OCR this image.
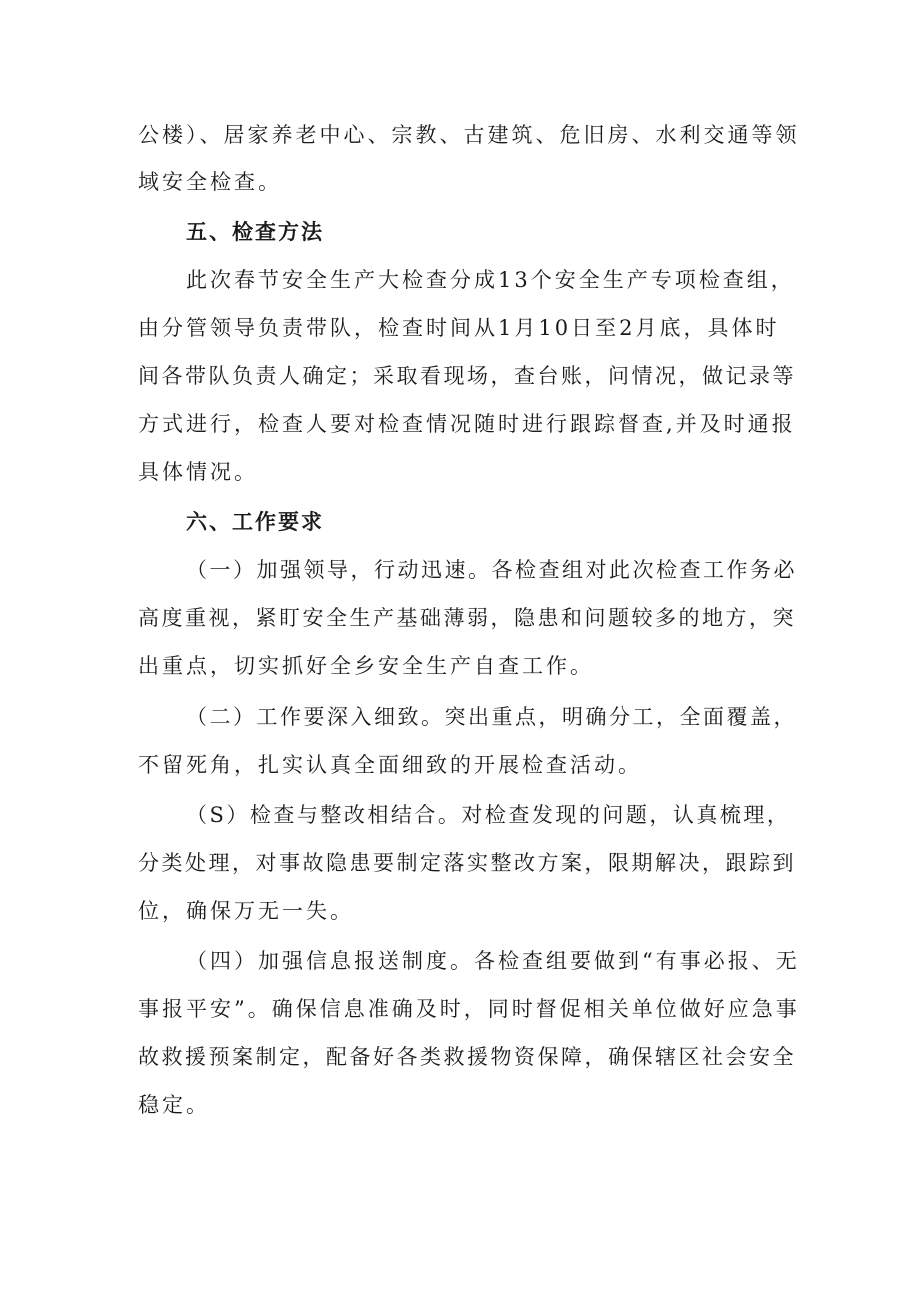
公楼）、居家养老中心、宗教、古建筑、危旧房、水利交通等领
域安全检查。
五、检查方法
此次春节安全生产大检查分成13个安全生产专项检查组，
由分管领导负责带队，检查时间从1月10日至2月底，具体时
间各带队负责人确定；采取看现场，查台账，问情况，做记录等
方式进行，检查人要对检查情况随时进行跟踪督查,并及时通报
具体情况。
六、工作要求
（一）加强领导，行动迅速。各检查组对此次检查工作务必
高度重视，紧盯安全生产基础薄弱，隐患和问题较多的地方，突
出重点，切实抓好全乡安全生产自查工作。
（二）工作要深入细致。突出重点，明确分工，全面覆盖，
不留死角，扎实认真全面细致的开展检查活动。
（S）检查与整改相结合。对检查发现的问题，认真梳理，
分类处理，对事故隐患要制定落实整改方案，限期解决，跟踪到
位，确保万无一失。
（四）加强信息报送制度。各检查组要做到“有事必报、无
事报平安”。确保信息准确及时，同时督促相关单位做好应急事
故救援预案制定，配备好各类救援物资保障，确保辖区社会安全
稳定。
